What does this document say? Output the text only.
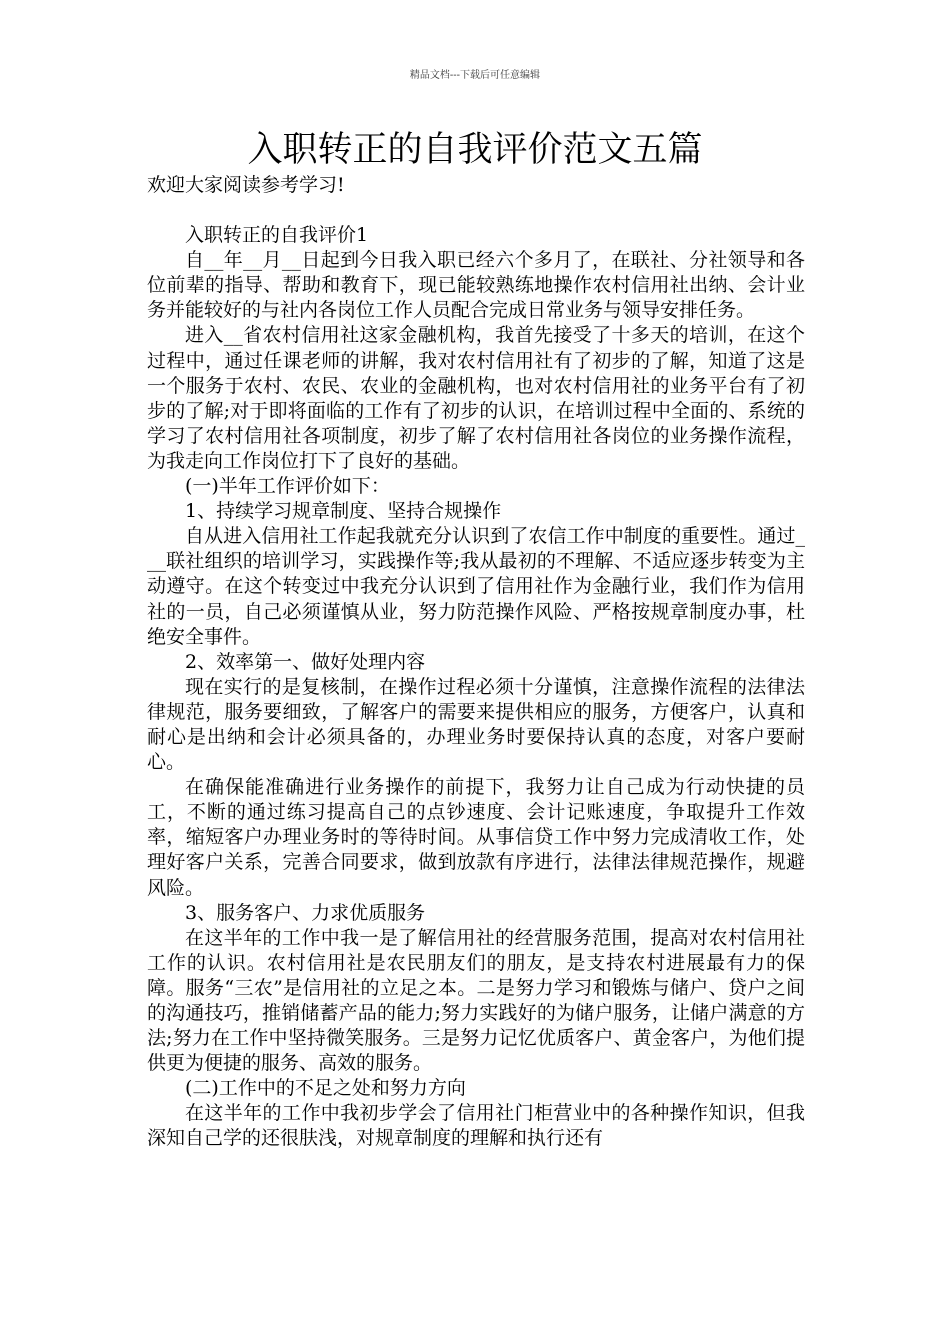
精品文档---下载后可任意编辑
入职转正的自我评价范文五篇

欢迎大家阅读参考学习!

入职转正的自我评价1

自__年__月__日起到今日我入职已经六个多月了，在联社、分社领导和各位前辈的指导、帮助和教育下，现已能较熟练地操作农村信用社出纳、会计业务并能较好的与社内各岗位工作人员配合完成日常业务与领导安排任务。

进入__省农村信用社这家金融机构，我首先接受了十多天的培训，在这个过程中，通过任课老师的讲解，我对农村信用社有了初步的了解，知道了这是一个服务于农村、农民、农业的金融机构，也对农村信用社的业务平台有了初步的了解;对于即将面临的工作有了初步的认识，在培训过程中全面的、系统的学习了农村信用社各项制度，初步了解了农村信用社各岗位的业务操作流程，为我走向工作岗位打下了良好的基础。

(一)半年工作评价如下：

1、持续学习规章制度、坚持合规操作

自从进入信用社工作起我就充分认识到了农信工作中制度的重要性。通过___联社组织的培训学习，实践操作等;我从最初的不理解、不适应逐步转变为主动遵守。在这个转变过中我充分认识到了信用社作为金融行业，我们作为信用社的一员，自己必须谨慎从业，努力防范操作风险、严格按规章制度办事，杜绝安全事件。

2、效率第一、做好处理内容

现在实行的是复核制，在操作过程必须十分谨慎，注意操作流程的法律法律规范，服务要细致，了解客户的需要来提供相应的服务，方便客户，认真和耐心是出纳和会计必须具备的，办理业务时要保持认真的态度，对客户要耐心。

在确保能准确进行业务操作的前提下，我努力让自己成为行动快捷的员工，不断的通过练习提高自己的点钞速度、会计记账速度，争取提升工作效率，缩短客户办理业务时的等待时间。从事信贷工作中努力完成清收工作，处理好客户关系，完善合同要求，做到放款有序进行，法律法律规范操作，规避风险。

3、服务客户、力求优质服务

在这半年的工作中我一是了解信用社的经营服务范围，提高对农村信用社工作的认识。农村信用社是农民朋友们的朋友，是支持农村进展最有力的保障。服务“三农”是信用社的立足之本。二是努力学习和锻炼与储户、贷户之间的沟通技巧，推销储蓄产品的能力;努力实践好的为储户服务，让储户满意的方法;努力在工作中坚持微笑服务。三是努力记忆优质客户、黄金客户，为他们提供更为便捷的服务、高效的服务。

(二)工作中的不足之处和努力方向

在这半年的工作中我初步学会了信用社门柜营业中的各种操作知识，但我深知自己学的还很肤浅，对规章制度的理解和执行还有
